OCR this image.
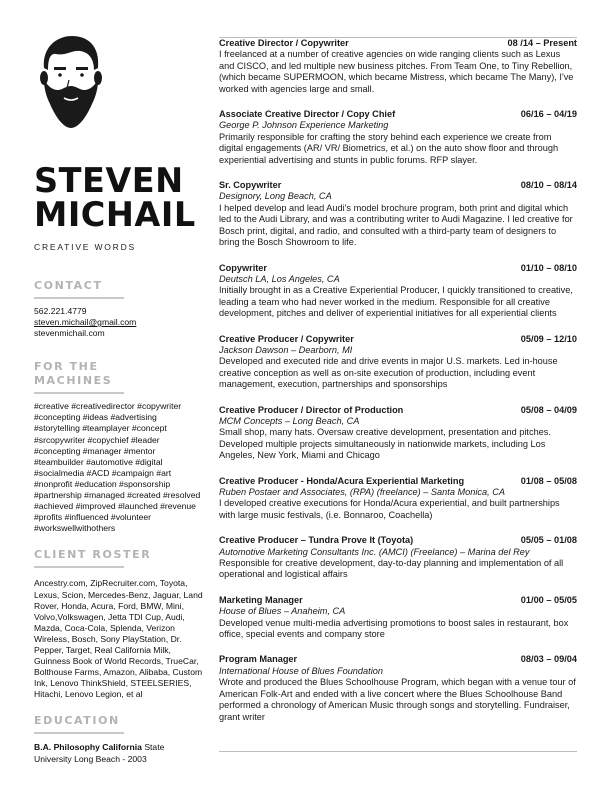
STEVEN
MICHAIL
CREATIVE WORDS
CONTACT
562.221.4779
steven.michail@gmail.com
stevenmichail.com
FOR THE
MACHINES
#creative #creativedirector #copywriter #concepting #ideas #advertising #storytelling #teamplayer #concept #srcopywriter #copychief #leader #concepting #manager #mentor #teambuilder #automotive #digital #socialmedia #ACD #campaign #art #nonprofit #education #sponsorship #partnership #managed #created #resolved #achieved #improved #launched #revenue #profits #influenced #volunteer #workswellwithothers
CLIENT ROSTER
Ancestry.com, ZipRecruiter.com, Toyota, Lexus, Scion, Mercedes-Benz, Jaguar, Land Rover, Honda, Acura, Ford, BMW, Mini, Volvo,Volkswagen, Jetta TDI Cup, Audi, Mazda, Coca-Cola, Splenda, Verizon Wireless, Bosch, Sony PlayStation, Dr. Pepper, Target, Real California Milk, Guinness Book of World Records, TrueCar, Bolthouse Farms, Amazon, Alibaba, Custom Ink, Lenovo ThinkShield, STEELSERIES, Hitachi, Lenovo Legion, et al
EDUCATION
B.A. Philosophy California State University Long Beach - 2003
Creative Director / Copywriter	08 /14 – Present
I freelanced at a number of creative agencies on wide ranging clients such as Lexus and CISCO, and led multiple new business pitches. From Team One, to Tiny Rebellion, (which became SUPERMOON, which became Mistress, which became The Many), I've worked with agencies large and small.
Associate Creative Director / Copy Chief	06/16 – 04/19
George P. Johnson Experience Marketing
Primarily responsible for crafting the story behind each experience we create from digital engagements (AR/ VR/ Biometrics, et al.) on the auto show floor and through experiential advertising and stunts in public forums. RFP slayer.
Sr. Copywriter	08/10 – 08/14
Designory, Long Beach, CA
I helped develop and lead Audi's model brochure program, both print and digital which led to the Audi Library, and was a contributing writer to Audi Magazine. I led creative for Bosch print, digital, and radio, and consulted with a third-party team of designers to bring the Bosch Showroom to life.
Copywriter	01/10 – 08/10
Deutsch LA, Los Angeles, CA
Initially brought in as a Creative Experiential Producer, I quickly transitioned to creative, leading a team who had never worked in the medium. Responsible for all creative development, pitches and deliver of experiential initiatives for all experiential clients
Creative Producer / Copywriter	05/09 – 12/10
Jackson Dawson – Dearborn, MI
Developed and executed ride and drive events in major U.S. markets. Led in-house creative conception as well as on-site execution of production, including event management, execution, partnerships and sponsorships
Creative Producer / Director of Production	05/08 – 04/09
MCM Concepts – Long Beach, CA
Small shop, many hats. Oversaw creative development, presentation and pitches. Developed multiple projects simultaneously in nationwide markets, including Los Angeles, New York, Miami and Chicago
Creative Producer - Honda/Acura Experiential Marketing	01/08 – 05/08
Ruben Postaer and Associates, (RPA) (freelance) – Santa Monica, CA
I developed creative executions for Honda/Acura experiential, and built partnerships with large music festivals, (i.e. Bonnaroo, Coachella)
Creative Producer – Tundra Prove It (Toyota)	05/05 – 01/08
Automotive Marketing Consultants Inc. (AMCI) (Freelance) – Marina del Rey
Responsible for creative development, day-to-day planning and implementation of all operational and logistical affairs
Marketing Manager	01/00 – 05/05
House of Blues – Anaheim, CA
Developed venue multi-media advertising promotions to boost sales in restaurant, box office, special events and company store
Program Manager	08/03 – 09/04
International House of Blues Foundation
Wrote and produced the Blues Schoolhouse Program, which began with a venue tour of American Folk-Art and ended with a live concert where the Blues Schoolhouse Band performed a chronology of American Music through songs and storytelling. Fundraiser, grant writer
